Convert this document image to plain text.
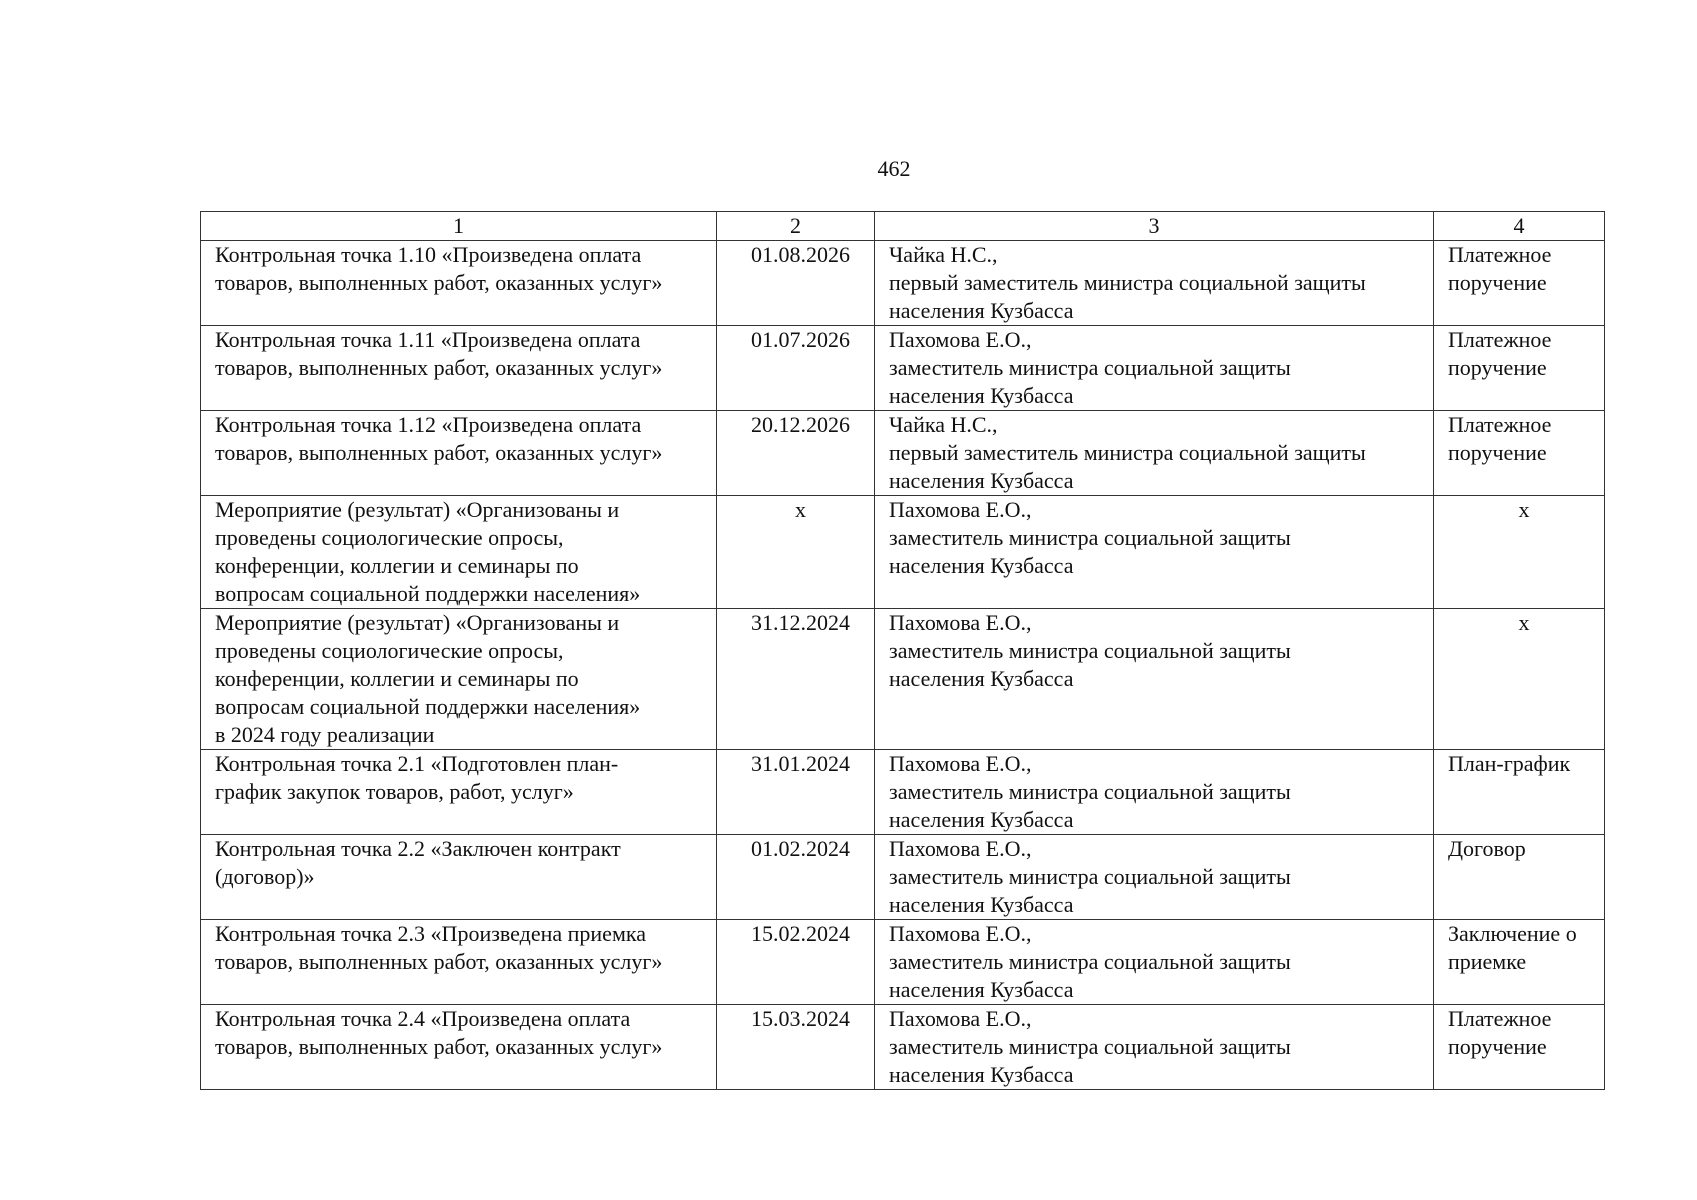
462
1	2	3	4

Контрольная точка 1.10 «Произведена оплата
товаров, выполненных работ, оказанных услуг»	01.08.2026	Чайка Н.С.,
первый заместитель министра социальной защиты
населения Кузбасса	Платежное
поручение

Контрольная точка 1.11 «Произведена оплата
товаров, выполненных работ, оказанных услуг»	01.07.2026	Пахомова Е.О.,
заместитель министра социальной защиты
населения Кузбасса	Платежное
поручение

Контрольная точка 1.12 «Произведена оплата
товаров, выполненных работ, оказанных услуг»	20.12.2026	Чайка Н.С.,
первый заместитель министра социальной защиты
населения Кузбасса	Платежное
поручение

Мероприятие (результат) «Организованы и
проведены социологические опросы,
конференции, коллегии и семинары по
вопросам социальной поддержки населения»	х	Пахомова Е.О.,
заместитель министра социальной защиты
населения Кузбасса	х

Мероприятие (результат) «Организованы и
проведены социологические опросы,
конференции, коллегии и семинары по
вопросам социальной поддержки населения»
в 2024 году реализации	31.12.2024	Пахомова Е.О.,
заместитель министра социальной защиты
населения Кузбасса	х

Контрольная точка 2.1 «Подготовлен план-
график закупок товаров, работ, услуг»	31.01.2024	Пахомова Е.О.,
заместитель министра социальной защиты
населения Кузбасса	План-график

Контрольная точка 2.2 «Заключен контракт
(договор)»	01.02.2024	Пахомова Е.О.,
заместитель министра социальной защиты
населения Кузбасса	Договор

Контрольная точка 2.3 «Произведена приемка
товаров, выполненных работ, оказанных услуг»	15.02.2024	Пахомова Е.О.,
заместитель министра социальной защиты
населения Кузбасса	Заключение о
приемке

Контрольная точка 2.4 «Произведена оплата
товаров, выполненных работ, оказанных услуг»	15.03.2024	Пахомова Е.О.,
заместитель министра социальной защиты
населения Кузбасса	Платежное
поручение
